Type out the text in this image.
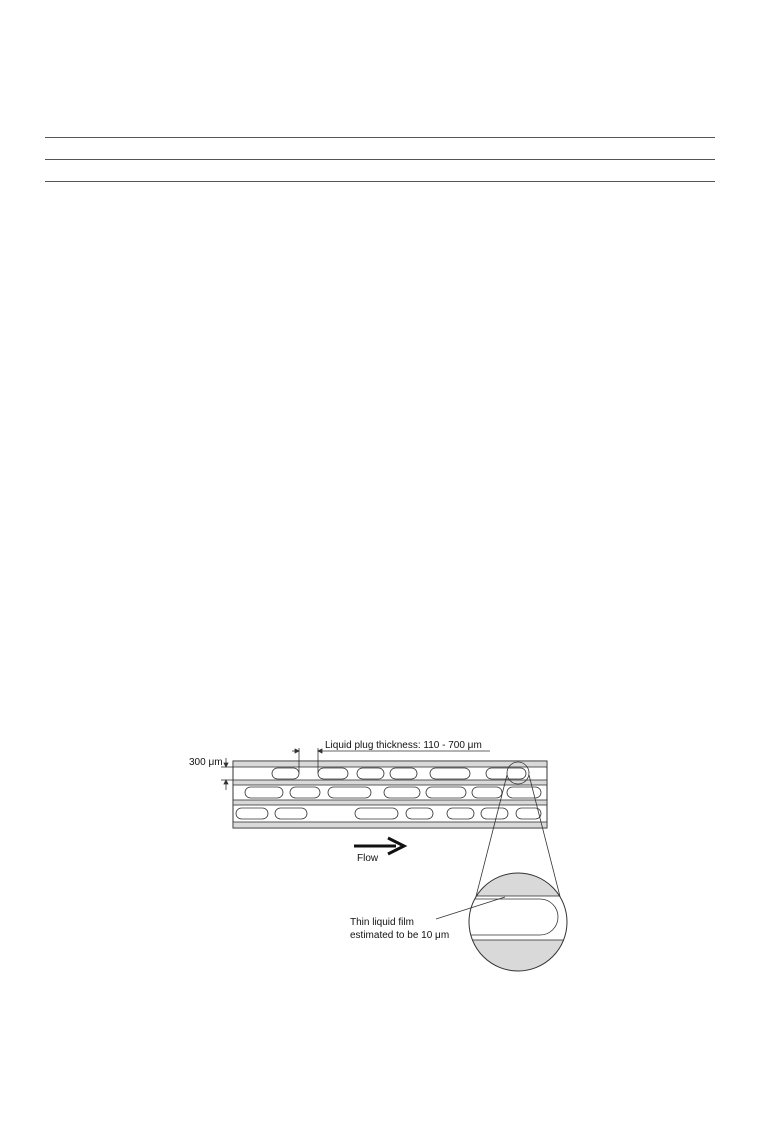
300 μm
Liquid plug thickness: 110 - 700 μm
Flow
Thin liquid film
estimated to be 10 μm
